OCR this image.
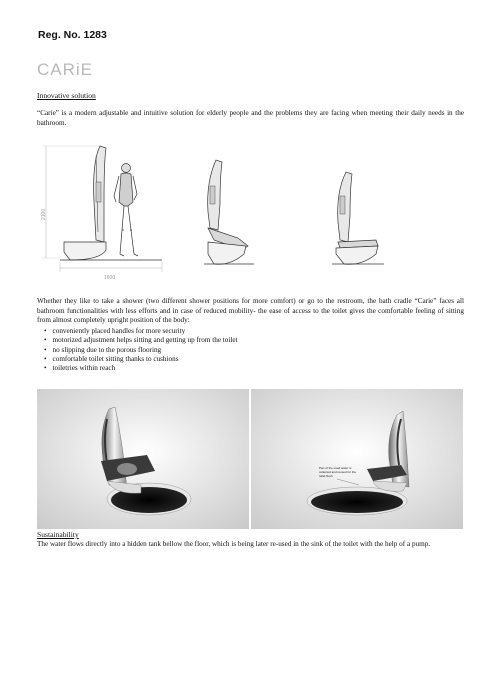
Reg. No. 1283
CARiE
Innovative solution
“Carie” is a modern adjustable and intuitive solution for elderly people and the problems they are facing when meeting their daily needs in the bathroom.
2100
1600
Whether they like to take a shower (two different shower positions for more comfort) or go to the restroom, the bath cradle “Carie” faces all bathroom functionalities with less efforts and in case of reduced mobility- the ease of access to the toilet gives the comfortable feeling of sitting from almost completely upright position of the body:
• conveniently placed handles for more security
• motorized adjustment helps sitting and getting up from the toilet
• no slipping due to the porous flooring
• comfortable toilet sitting thanks to cushions
• toiletries within reach
Part of the used water is
collected and reused for the
toilet flush
Sustainability
The water flows directly into a hidden tank bellow the floor, which is being later re-used in the sink of the toilet with the help of a pump.
